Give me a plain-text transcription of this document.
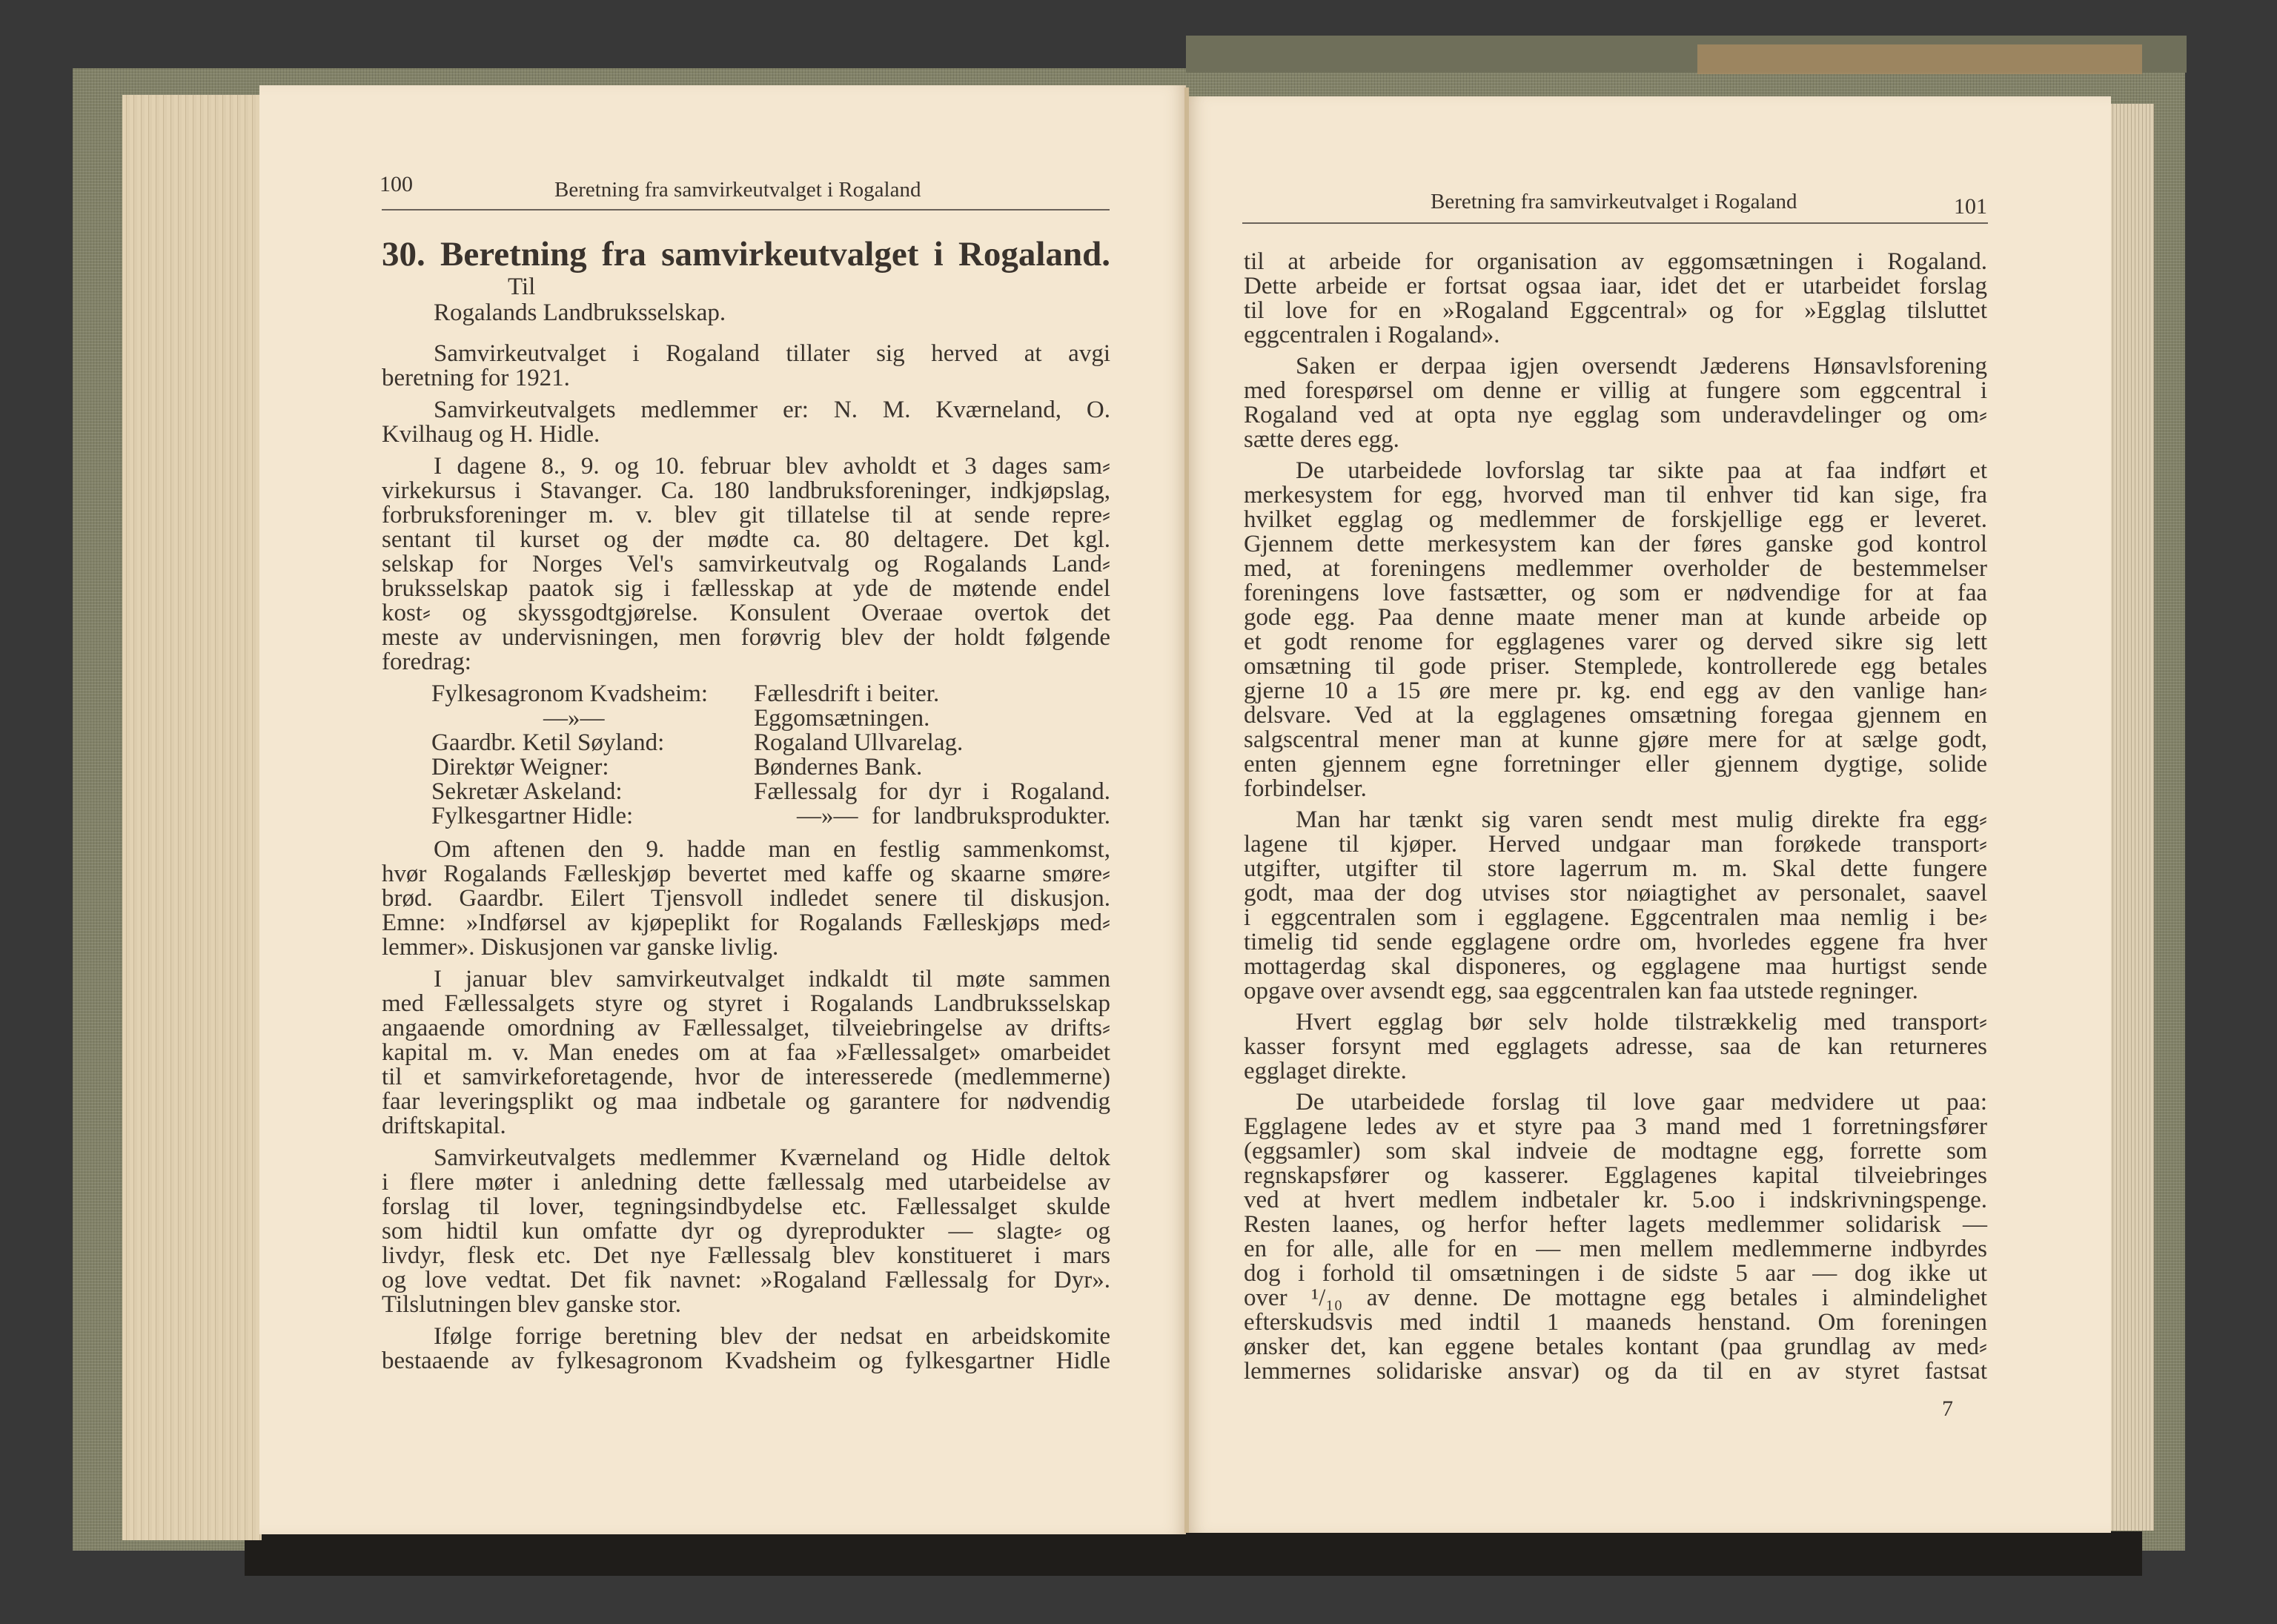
100	Beretning fra samvirkeutvalget i Rogaland
30. Beretning fra samvirkeutvalget i Rogaland.
Til
Rogalands Landbruksselskap.
Samvirkeutvalget i Rogaland tillater sig herved at avgi
beretning for 1921.
Samvirkeutvalgets medlemmer er: N. M. Kværneland, O.
Kvilhaug og H. Hidle.
I dagene 8., 9. og 10. februar blev avholdt et 3 dages sam⸗
virkekursus i Stavanger. Ca. 180 landbruksforeninger, indkjøpslag,
forbruksforeninger m. v. blev git tillatelse til at sende repre⸗
sentant til kurset og der mødte ca. 80 deltagere. Det kgl.
selskap for Norges Vel's samvirkeutvalg og Rogalands Land⸗
bruksselskap paatok sig i fællesskap at yde de møtende endel
kost⸗ og skyssgodtgjørelse. Konsulent Overaae overtok det
meste av undervisningen, men forøvrig blev der holdt følgende
foredrag:
Fylkesagronom Kvadsheim: Fællesdrift i beiter.
—»—	Eggomsætningen.
Gaardbr. Ketil Søyland:	Rogaland Ullvarelag.
Direktør Weigner:	Bøndernes Bank.
Sekretær Askeland:	Fællessalg for dyr i Rogaland.
Fylkesgartner Hidle:	—»— for landbruksprodukter.
Om aftenen den 9. hadde man en festlig sammenkomst,
hvør Rogalands Fælleskjøp bevertet med kaffe og skaarne smøre⸗
brød. Gaardbr. Eilert Tjensvoll indledet senere til diskusjon.
Emne: »Indførsel av kjøpeplikt for Rogalands Fælleskjøps med⸗
lemmer». Diskusjonen var ganske livlig.
I januar blev samvirkeutvalget indkaldt til møte sammen
med Fællessalgets styre og styret i Rogalands Landbruksselskap
angaaende omordning av Fællessalget, tilveiebringelse av drifts⸗
kapital m. v. Man enedes om at faa »Fællessalget» omarbeidet
til et samvirkeforetagende, hvor de interesserede (medlemmerne)
faar leveringsplikt og maa indbetale og garantere for nødvendig
driftskapital.
Samvirkeutvalgets medlemmer Kværneland og Hidle deltok
i flere møter i anledning dette fællessalg med utarbeidelse av
forslag til lover, tegningsindbydelse etc. Fællessalget skulde
som hidtil kun omfatte dyr og dyreprodukter — slagte⸗ og
livdyr, flesk etc. Det nye Fællessalg blev konstitueret i mars
og love vedtat. Det fik navnet: »Rogaland Fællessalg for Dyr».
Tilslutningen blev ganske stor.
Ifølge forrige beretning blev der nedsat en arbeidskomite
bestaaende av fylkesagronom Kvadsheim og fylkesgartner Hidle
Beretning fra samvirkeutvalget i Rogaland	101
til at arbeide for organisation av eggomsætningen i Rogaland.
Dette arbeide er fortsat ogsaa iaar, idet det er utarbeidet forslag
til love for en »Rogaland Eggcentral» og for »Egglag tilsluttet
eggcentralen i Rogaland».
Saken er derpaa igjen oversendt Jæderens Hønsavlsforening
med forespørsel om denne er villig at fungere som eggcentral i
Rogaland ved at opta nye egglag som underavdelinger og om⸗
sætte deres egg.
De utarbeidede lovforslag tar sikte paa at faa indført et
merkesystem for egg, hvorved man til enhver tid kan sige, fra
hvilket egglag og medlemmer de forskjellige egg er leveret.
Gjennem dette merkesystem kan der føres ganske god kontrol
med, at foreningens medlemmer overholder de bestemmelser
foreningens love fastsætter, og som er nødvendige for at faa
gode egg. Paa denne maate mener man at kunde arbeide op
et godt renome for egglagenes varer og derved sikre sig lett
omsætning til gode priser. Stemplede, kontrollerede egg betales
gjerne 10 a 15 øre mere pr. kg. end egg av den vanlige han⸗
delsvare. Ved at la egglagenes omsætning foregaa gjennem en
salgscentral mener man at kunne gjøre mere for at sælge godt,
enten gjennem egne forretninger eller gjennem dygtige, solide
forbindelser.
Man har tænkt sig varen sendt mest mulig direkte fra egg⸗
lagene til kjøper. Herved undgaar man forøkede transport⸗
utgifter, utgifter til store lagerrum m. m. Skal dette fungere
godt, maa der dog utvises stor nøiagtighet av personalet, saavel
i eggcentralen som i egglagene. Eggcentralen maa nemlig i be⸗
timelig tid sende egglagene ordre om, hvorledes eggene fra hver
mottagerdag skal disponeres, og egglagene maa hurtigst sende
opgave over avsendt egg, saa eggcentralen kan faa utstede regninger.
Hvert egglag bør selv holde tilstrækkelig med transport⸗
kasser forsynt med egglagets adresse, saa de kan returneres
egglaget direkte.
De utarbeidede forslag til love gaar medvidere ut paa:
Egglagene ledes av et styre paa 3 mand med 1 forretningsfører
(eggsamler) som skal indveie de modtagne egg, forrette som
regnskapsfører og kasserer. Egglagenes kapital tilveiebringes
ved at hvert medlem indbetaler kr. 5.oo i indskrivningspenge.
Resten laanes, og herfor hefter lagets medlemmer solidarisk —
en for alle, alle for en — men mellem medlemmerne indbyrdes
dog i forhold til omsætningen i de sidste 5 aar — dog ikke ut
over ¹/₁₀ av denne. De mottagne egg betales i almindelighet
efterskudsvis med indtil 1 maaneds henstand. Om foreningen
ønsker det, kan eggene betales kontant (paa grundlag av med⸗
lemmernes solidariske ansvar) og da til en av styret fastsat
7
